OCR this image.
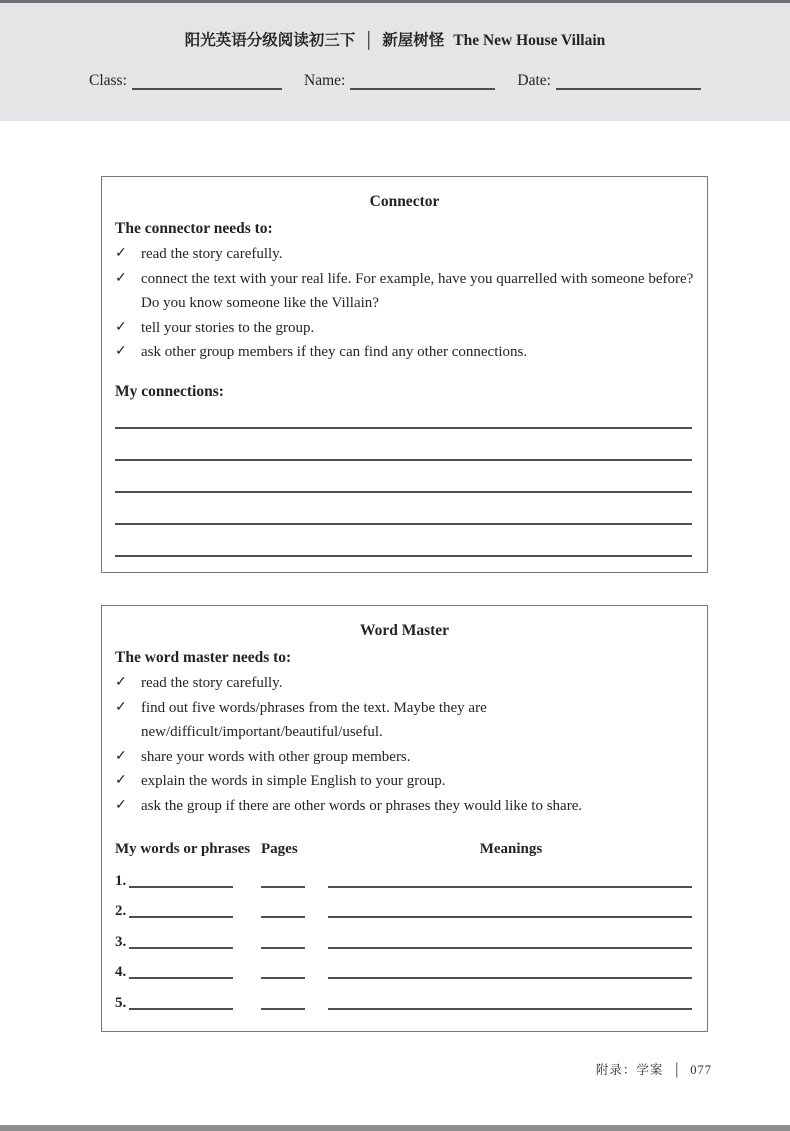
阳光英语分级阅读初三下 │ 新屋树怪 The New House Villain
Class:	Name:	Date:
Connector

The connector needs to:

✓ read the story carefully.
✓ connect the text with your real life. For example, have you quarrelled with someone before? Do you know someone like the Villain?
✓ tell your stories to the group.
✓ ask other group members if they can find any other connections.

My connections:

Word Master

The word master needs to:

✓ read the story carefully.
✓ find out five words/phrases from the text. Maybe they are new/difficult/important/beautiful/useful.
✓ share your words with other group members.
✓ explain the words in simple English to your group.
✓ ask the group if there are other words or phrases they would like to share.
My words or phrases Pages	Meanings
1.
2.
3.
4.
5.
附录：学案 │ 077
